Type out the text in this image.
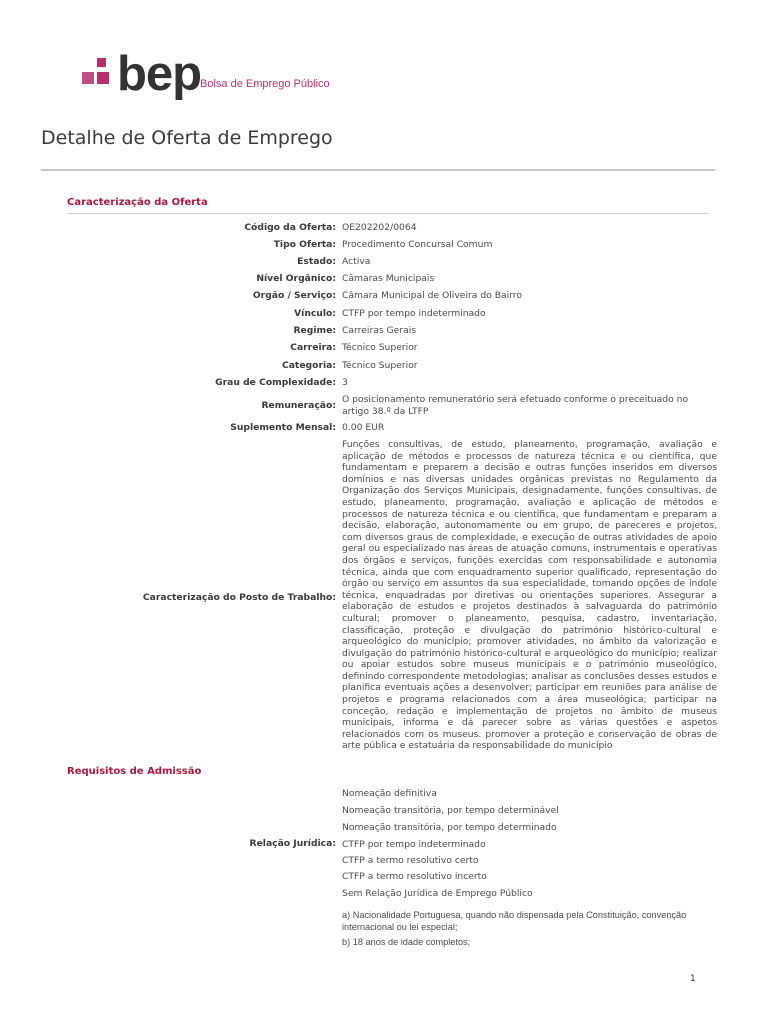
bep
Bolsa de Emprego Público
Detalhe de Oferta de Emprego
Caracterização da Oferta
Código da Oferta: OE202202/0064
Tipo Oferta: Procedimento Concursal Comum
Estado: Activa
Nível Orgânico: Câmaras Municipais
Orgão / Serviço: Câmara Municipal de Oliveira do Bairro
Vínculo: CTFP por tempo indeterminado
Regime: Carreiras Gerais
Carreira: Técnico Superior
Categoria: Técnico Superior
Grau de Complexidade: 3
Remuneração:
O posicionamento remuneratório será efetuado conforme o preceituado no artigo 38.º da LTFP
Suplemento Mensal: 0.00 EUR
Caracterização do Posto de Trabalho:
Funções consultivas, de estudo, planeamento, programação, avaliação e aplicação de métodos e processos de natureza técnica e ou científica, que fundamentam e preparem a decisão e outras funções inseridos em diversos domínios e nas diversas unidades orgânicas previstas no Regulamento da Organização dos Serviços Municipais, designadamente, funções consultivas, de estudo, planeamento, programação, avaliação e aplicação de métodos e processos de natureza técnica e ou científica, que fundamentam e preparam a decisão, elaboração, autonomamente ou em grupo, de pareceres e projetos, com diversos graus de complexidade, e execução de outras atividades de apoio geral ou especializado nas áreas de atuação comuns, instrumentais e operativas dos órgãos e serviços, funções exercidas com responsabilidade e autonomia técnica, ainda que com enquadramento superior qualificado, representação do órgão ou serviço em assuntos da sua especialidade, tomando opções de índole técnica, enquadradas por diretivas ou orientações superiores. Assegurar a elaboração de estudos e projetos destinados à salvaguarda do património cultural; promover o planeamento, pesquisa, cadastro, inventariação, classificação, proteção e divulgação do património histórico-cultural e arqueológico do município; promover atividades, no âmbito da valorização e divulgação do património histórico-cultural e arqueológico do município; realizar ou apoiar estudos sobre museus municipais e o património museológico, definindo correspondente metodologias; analisar as conclusões desses estudos e planifica eventuais ações a desenvolver; participar em reuniões para análise de projetos e programa relacionados com a área museológica; participar na conceção, redação e implementação de projetos no âmbito de museus municipais, informa e dá parecer sobre as várias questões e aspetos relacionados com os museus. promover a proteção e conservação de obras de arte pública e estatuária da responsabilidade do município
Requisitos de Admissão
Relação Jurídica:
Nomeação definitiva
Nomeação transitória, por tempo determinável
Nomeação transitória, por tempo determinado
CTFP por tempo indeterminado
CTFP a termo resolutivo certo
CTFP a termo resolutivo incerto
Sem Relação Jurídica de Emprego Público
a) Nacionalidade Portuguesa, quando não dispensada pela Constituição, convenção internacional ou lei especial;
b) 18 anos de idade completos;
1
